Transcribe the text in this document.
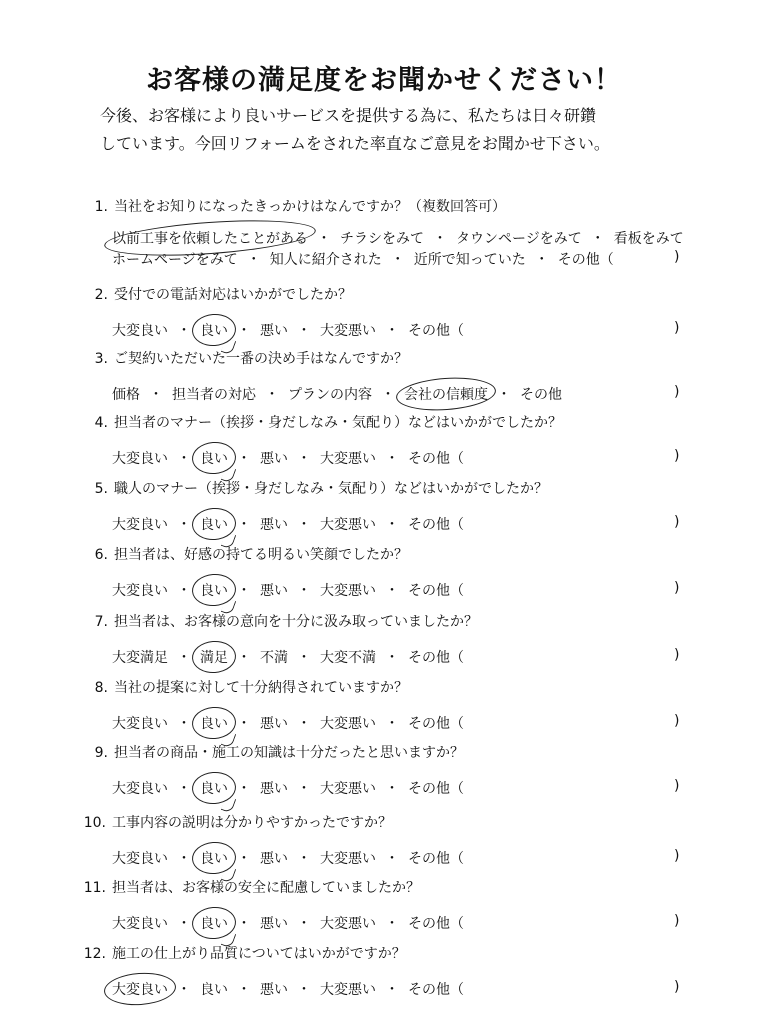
お客様の満足度をお聞かせください！

今後、お客様により良いサービスを提供する為に、私たちは日々研鑽

しています。今回リフォームをされた率直なご意見をお聞かせ下さい。

1. 当社をお知りになったきっかけはなんですか？（複数回答可）
以前工事を依頼したことがある ・ チラシをみて ・ タウンページをみて ・ 看板をみて
ホームページをみて ・ 知人に紹介された ・ 近所で知っていた ・ その他（	)
2. 受付での電話対応はいかがでしたか？
大変良い ・ 良い ・ 悪い ・ 大変悪い ・ その他（	)
3. ご契約いただいた一番の決め手はなんですか？
価格 ・ 担当者の対応 ・ プランの内容 ・ 会社の信頼度 ・ その他	)
4. 担当者のマナー（挨拶・身だしなみ・気配り）などはいかがでしたか？
大変良い ・ 良い ・ 悪い ・ 大変悪い ・ その他（	)
5. 職人のマナー（挨拶・身だしなみ・気配り）などはいかがでしたか？
大変良い ・ 良い ・ 悪い ・ 大変悪い ・ その他（	)
6. 担当者は、好感の持てる明るい笑顔でしたか？
大変良い ・ 良い ・ 悪い ・ 大変悪い ・ その他（	)
7. 担当者は、お客様の意向を十分に汲み取っていましたか？
大変満足 ・ 満足 ・ 不満 ・ 大変不満 ・ その他（	)
8. 当社の提案に対して十分納得されていますか？
大変良い ・ 良い ・ 悪い ・ 大変悪い ・ その他（	)
9. 担当者の商品・施工の知識は十分だったと思いますか？
大変良い ・ 良い ・ 悪い ・ 大変悪い ・ その他（	)
10. 工事内容の説明は分かりやすかったですか？
大変良い ・ 良い ・ 悪い ・ 大変悪い ・ その他（	)
11. 担当者は、お客様の安全に配慮していましたか？
大変良い ・ 良い ・ 悪い ・ 大変悪い ・ その他（	)
12. 施工の仕上がり品質についてはいかがですか？
大変良い ・ 良い ・ 悪い ・ 大変悪い ・ その他（	)
